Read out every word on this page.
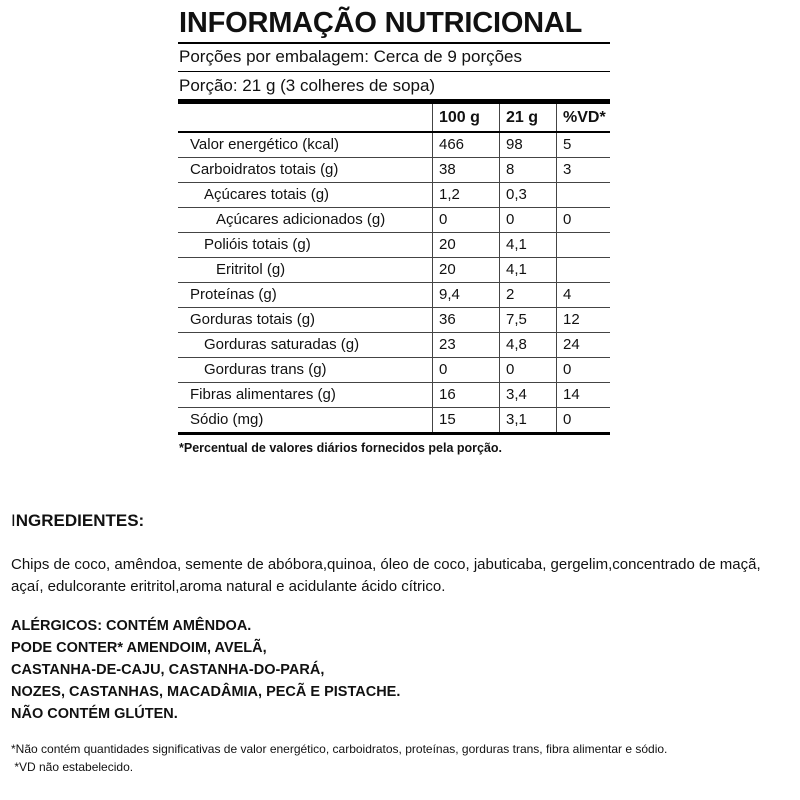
INFORMAÇÃO NUTRICIONAL
Porções por embalagem: Cerca de 9 porções
Porção: 21 g (3 colheres de sopa)
	100 g	21 g	%VD*
Valor energético (kcal)	466	98	5
Carboidratos totais (g)	38	8	3
Açúcares totais (g)	1,2	0,3	
Açúcares adicionados (g)	0	0	0
Polióis totais (g)	20	4,1	
Eritritol (g)	20	4,1	
Proteínas (g)	9,4	2	4
Gorduras totais (g)	36	7,5	12
Gorduras saturadas (g)	23	4,8	24
Gorduras trans (g)	0	0	0
Fibras alimentares (g)	16	3,4	14
Sódio (mg)	15	3,1	0
*Percentual de valores diários fornecidos pela porção.
INGREDIENTES:
Chips de coco, amêndoa, semente de abóbora,quinoa, óleo de coco, jabuticaba, gergelim,concentrado de maçã, açaí, edulcorante eritritol,aroma natural e acidulante ácido cítrico.
ALÉRGICOS: CONTÉM AMÊNDOA.
PODE CONTER* AMENDOIM, AVELÃ,
CASTANHA-DE-CAJU, CASTANHA-DO-PARÁ,
NOZES, CASTANHAS, MACADÂMIA, PECÃ E PISTACHE.
NÃO CONTÉM GLÚTEN.
*Não contém quantidades significativas de valor energético, carboidratos, proteínas, gorduras trans, fibra alimentar e sódio.
*VD não estabelecido.
